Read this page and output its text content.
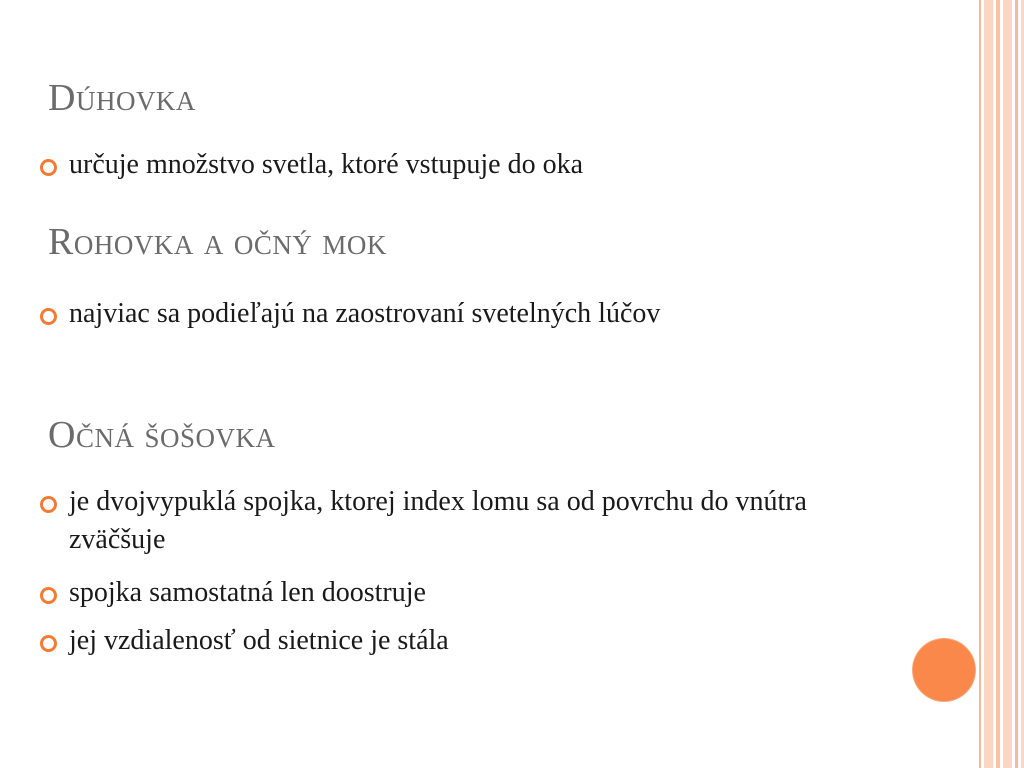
Dúhovka
určuje množstvo svetla, ktoré vstupuje do oka
Rohovka a očný mok
najviac sa podieľajú na zaostrovaní svetelných lúčov
Očná šošovka
je dvojvypuklá spojka, ktorej index lomu sa od povrchu do vnútra zväčšuje
spojka samostatná len doostruje
jej vzdialenosť od sietnice je stála
